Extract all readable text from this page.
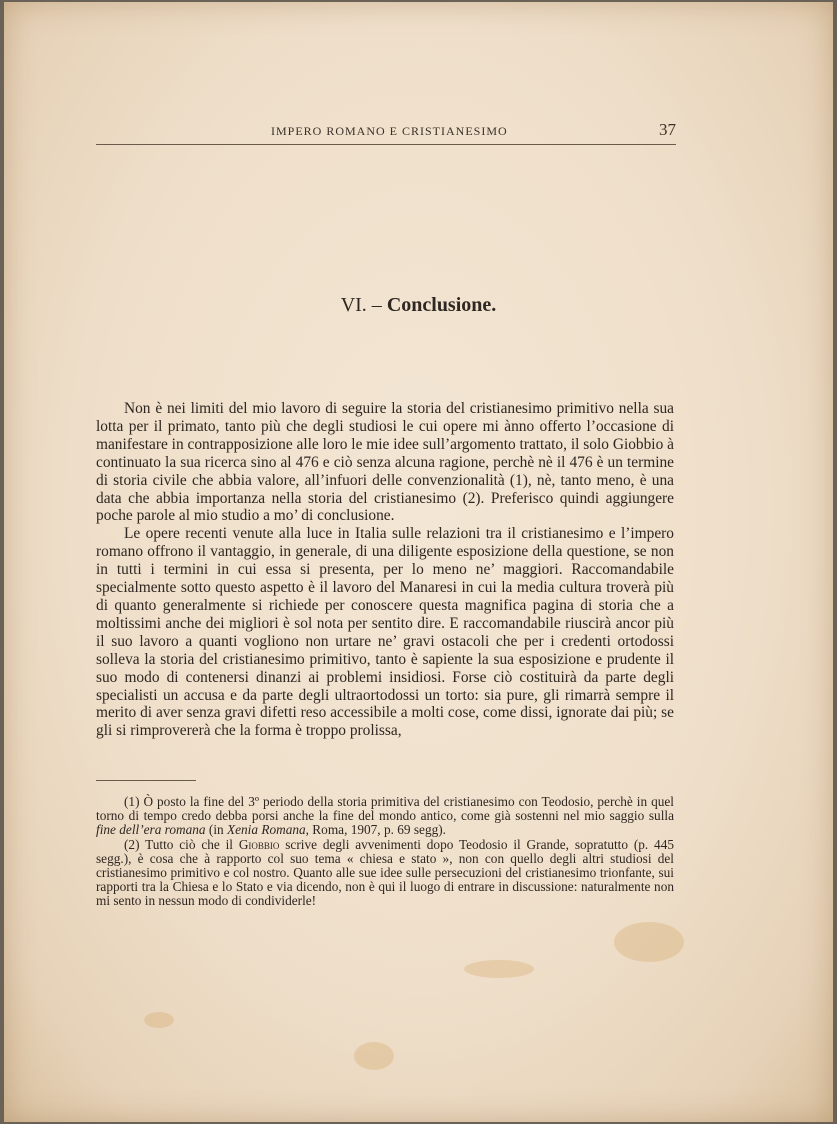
IMPERO ROMANO E CRISTIANESIMO	37
VI. – Conclusione.

Non è nei limiti del mio lavoro di seguire la storia del cristianesimo primitivo nella sua lotta per il primato, tanto più che degli studiosi le cui opere mi ànno offerto l’occasione di manifestare in contrapposizione alle loro le mie idee sull’argomento trattato, il solo Giobbio à continuato la sua ricerca sino al 476 e ciò senza alcuna ragione, perchè nè il 476 è un termine di storia civile che abbia valore, all’infuori delle convenzionalità (1), nè, tanto meno, è una data che abbia importanza nella storia del cristianesimo (2). Preferisco quindi aggiungere poche parole al mio studio a mo’ di conclusione.

Le opere recenti venute alla luce in Italia sulle relazioni tra il cristianesimo e l’impero romano offrono il vantaggio, in generale, di una diligente esposizione della questione, se non in tutti i termini in cui essa si presenta, per lo meno ne’ maggiori. Raccomandabile specialmente sotto questo aspetto è il lavoro del Manaresi in cui la media cultura troverà più di quanto generalmente si richiede per conoscere questa magnifica pagina di storia che a moltissimi anche dei migliori è sol nota per sentito dire. E raccomandabile riuscirà ancor più il suo lavoro a quanti vogliono non urtare ne’ gravi ostacoli che per i credenti ortodossi solleva la storia del cristianesimo primitivo, tanto è sapiente la sua esposizione e prudente il suo modo di contenersi dinanzi ai problemi insidiosi. Forse ciò costituirà da parte degli specialisti un accusa e da parte degli ultraortodossi un torto: sia pure, gli rimarrà sempre il merito di aver senza gravi difetti reso accessibile a molti cose, come dissi, ignorate dai più; se gli si rimprovererà che la forma è troppo prolissa,

(1) Ò posto la fine del 3º periodo della storia primitiva del cristianesimo con Teodosio, perchè in quel torno di tempo credo debba porsi anche la fine del mondo antico, come già sostenni nel mio saggio sulla fine dell’era romana (in Xenia Romana, Roma, 1907, p. 69 segg).

(2) Tutto ciò che il Giobbio scrive degli avvenimenti dopo Teodosio il Grande, sopratutto (p. 445 segg.), è cosa che à rapporto col suo tema « chiesa e stato », non con quello degli altri studiosi del cristianesimo primitivo e col nostro. Quanto alle sue idee sulle persecuzioni del cristianesimo trionfante, sui rapporti tra la Chiesa e lo Stato e via dicendo, non è qui il luogo di entrare in discussione: naturalmente non mi sento in nessun modo di condividerle!
